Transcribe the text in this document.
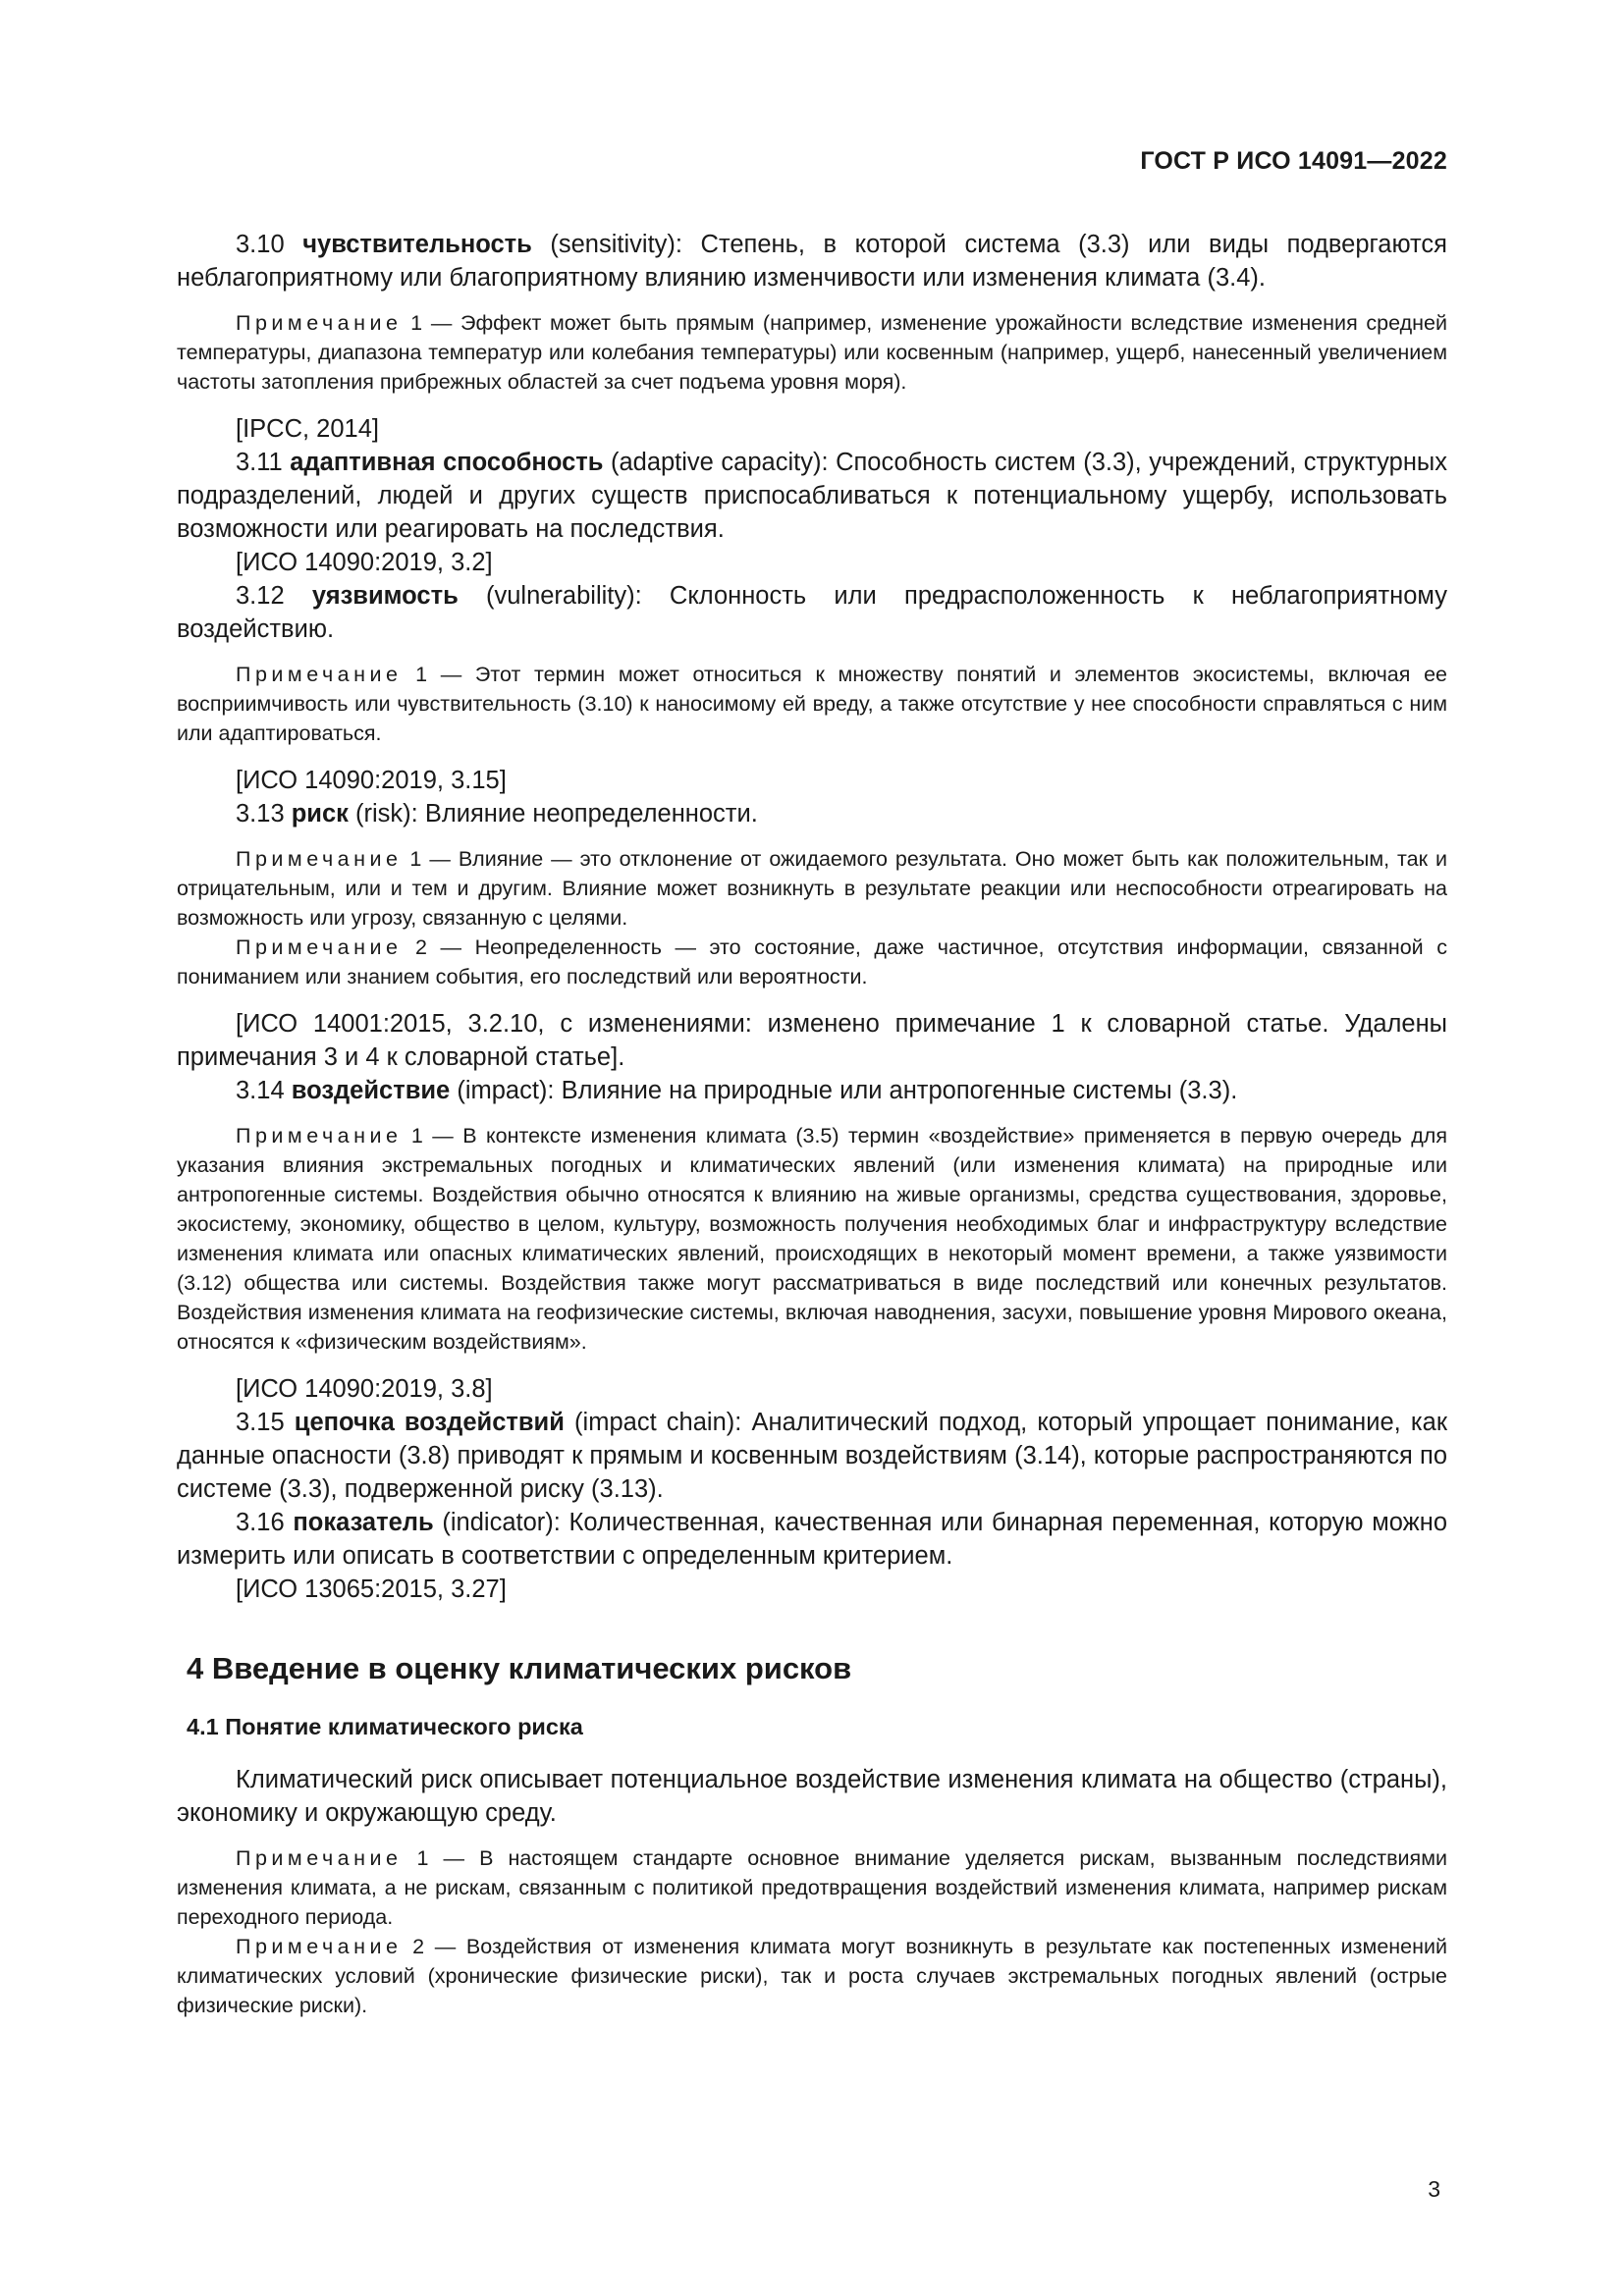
ГОСТ Р ИСО 14091—2022

3.10 чувствительность (sensitivity): Степень, в которой система (3.3) или виды подвергаются неблагоприятному или благоприятному влиянию изменчивости или изменения климата (3.4).

Примечание 1 — Эффект может быть прямым (например, изменение урожайности вследствие изменения средней температуры, диапазона температур или колебания температуры) или косвенным (например, ущерб, нанесенный увеличением частоты затопления прибрежных областей за счет подъема уровня моря).

[IPCC, 2014]

3.11 адаптивная способность (adaptive capacity): Способность систем (3.3), учреждений, структурных подразделений, людей и других существ приспосабливаться к потенциальному ущербу, использовать возможности или реагировать на последствия.

[ИСО 14090:2019, 3.2]

3.12 уязвимость (vulnerability): Склонность или предрасположенность к неблагоприятному воздействию.

Примечание 1 — Этот термин может относиться к множеству понятий и элементов экосистемы, включая ее восприимчивость или чувствительность (3.10) к наносимому ей вреду, а также отсутствие у нее способности справляться с ним или адаптироваться.

[ИСО 14090:2019, 3.15]

3.13 риск (risk): Влияние неопределенности.

Примечание 1 — Влияние — это отклонение от ожидаемого результата. Оно может быть как положительным, так и отрицательным, или и тем и другим. Влияние может возникнуть в результате реакции или неспособности отреагировать на возможность или угрозу, связанную с целями.

Примечание 2 — Неопределенность — это состояние, даже частичное, отсутствия информации, связанной с пониманием или знанием события, его последствий или вероятности.

[ИСО 14001:2015, 3.2.10, с изменениями: изменено примечание 1 к словарной статье. Удалены примечания 3 и 4 к словарной статье].

3.14 воздействие (impact): Влияние на природные или антропогенные системы (3.3).

Примечание 1 — В контексте изменения климата (3.5) термин «воздействие» применяется в первую очередь для указания влияния экстремальных погодных и климатических явлений (или изменения климата) на природные или антропогенные системы. Воздействия обычно относятся к влиянию на живые организмы, средства существования, здоровье, экосистему, экономику, общество в целом, культуру, возможность получения необходимых благ и инфраструктуру вследствие изменения климата или опасных климатических явлений, происходящих в некоторый момент времени, а также уязвимости (3.12) общества или системы. Воздействия также могут рассматриваться в виде последствий или конечных результатов. Воздействия изменения климата на геофизические системы, включая наводнения, засухи, повышение уровня Мирового океана, относятся к «физическим воздействиям».

[ИСО 14090:2019, 3.8]

3.15 цепочка воздействий (impact chain): Аналитический подход, который упрощает понимание, как данные опасности (3.8) приводят к прямым и косвенным воздействиям (3.14), которые распространяются по системе (3.3), подверженной риску (3.13).

3.16 показатель (indicator): Количественная, качественная или бинарная переменная, которую можно измерить или описать в соответствии с определенным критерием.

[ИСО 13065:2015, 3.27]

4 Введение в оценку климатических рисков
4.1 Понятие климатического риска

Климатический риск описывает потенциальное воздействие изменения климата на общество (страны), экономику и окружающую среду.

Примечание 1 — В настоящем стандарте основное внимание уделяется рискам, вызванным последствиями изменения климата, а не рискам, связанным с политикой предотвращения воздействий изменения климата, например рискам переходного периода.

Примечание 2 — Воздействия от изменения климата могут возникнуть в результате как постепенных изменений климатических условий (хронические физические риски), так и роста случаев экстремальных погодных явлений (острые физические риски).

3
